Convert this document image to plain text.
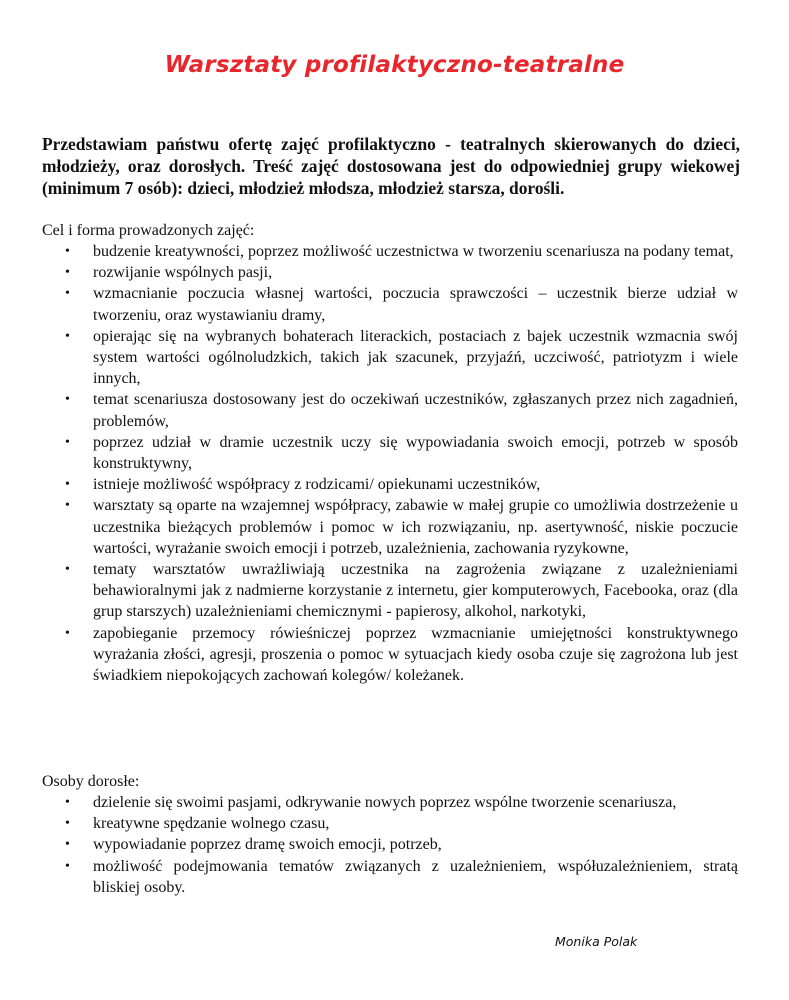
Warsztaty profilaktyczno-teatralne

Przedstawiam państwu ofertę zajęć profilaktyczno - teatralnych skierowanych do dzieci, młodzieży, oraz dorosłych. Treść zajęć dostosowana jest do odpowiedniej grupy wiekowej (minimum 7 osób): dzieci, młodzież młodsza, młodzież starsza, dorośli.

Cel i forma prowadzonych zajęć:
• budzenie kreatywności, poprzez możliwość uczestnictwa w tworzeniu scenariusza na podany temat,
• rozwijanie wspólnych pasji,
• wzmacnianie poczucia własnej wartości, poczucia sprawczości – uczestnik bierze udział w tworzeniu, oraz wystawianiu dramy,
• opierając się na wybranych bohaterach literackich, postaciach z bajek uczestnik wzmacnia swój system wartości ogólnoludzkich, takich jak szacunek, przyjaźń, uczciwość, patriotyzm i wiele innych,
• temat scenariusza dostosowany jest do oczekiwań uczestników, zgłaszanych przez nich zagadnień, problemów,
• poprzez udział w dramie uczestnik uczy się wypowiadania swoich emocji, potrzeb w sposób konstruktywny,
• istnieje możliwość współpracy z rodzicami/ opiekunami uczestników,
• warsztaty są oparte na wzajemnej współpracy, zabawie w małej grupie co umożliwia dostrzeżenie u uczestnika bieżących problemów i pomoc w ich rozwiązaniu, np. asertywność, niskie poczucie wartości, wyrażanie swoich emocji i potrzeb, uzależnienia, zachowania ryzykowne,
• tematy warsztatów uwrażliwiają uczestnika na zagrożenia związane z uzależnieniami behawioralnymi jak z nadmierne korzystanie z internetu, gier komputerowych, Facebooka, oraz (dla grup starszych) uzależnieniami chemicznymi - papierosy, alkohol, narkotyki,
• zapobieganie przemocy rówieśniczej poprzez wzmacnianie umiejętności konstruktywnego wyrażania złości, agresji, proszenia o pomoc w sytuacjach kiedy osoba czuje się zagrożona lub jest świadkiem niepokojących zachowań kolegów/ koleżanek.
Osoby dorosłe:
• dzielenie się swoimi pasjami, odkrywanie nowych poprzez wspólne tworzenie scenariusza,
• kreatywne spędzanie wolnego czasu,
• wypowiadanie poprzez dramę swoich emocji, potrzeb,
• możliwość podejmowania tematów związanych z uzależnieniem, współuzależnieniem, stratą bliskiej osoby.
Monika Polak
